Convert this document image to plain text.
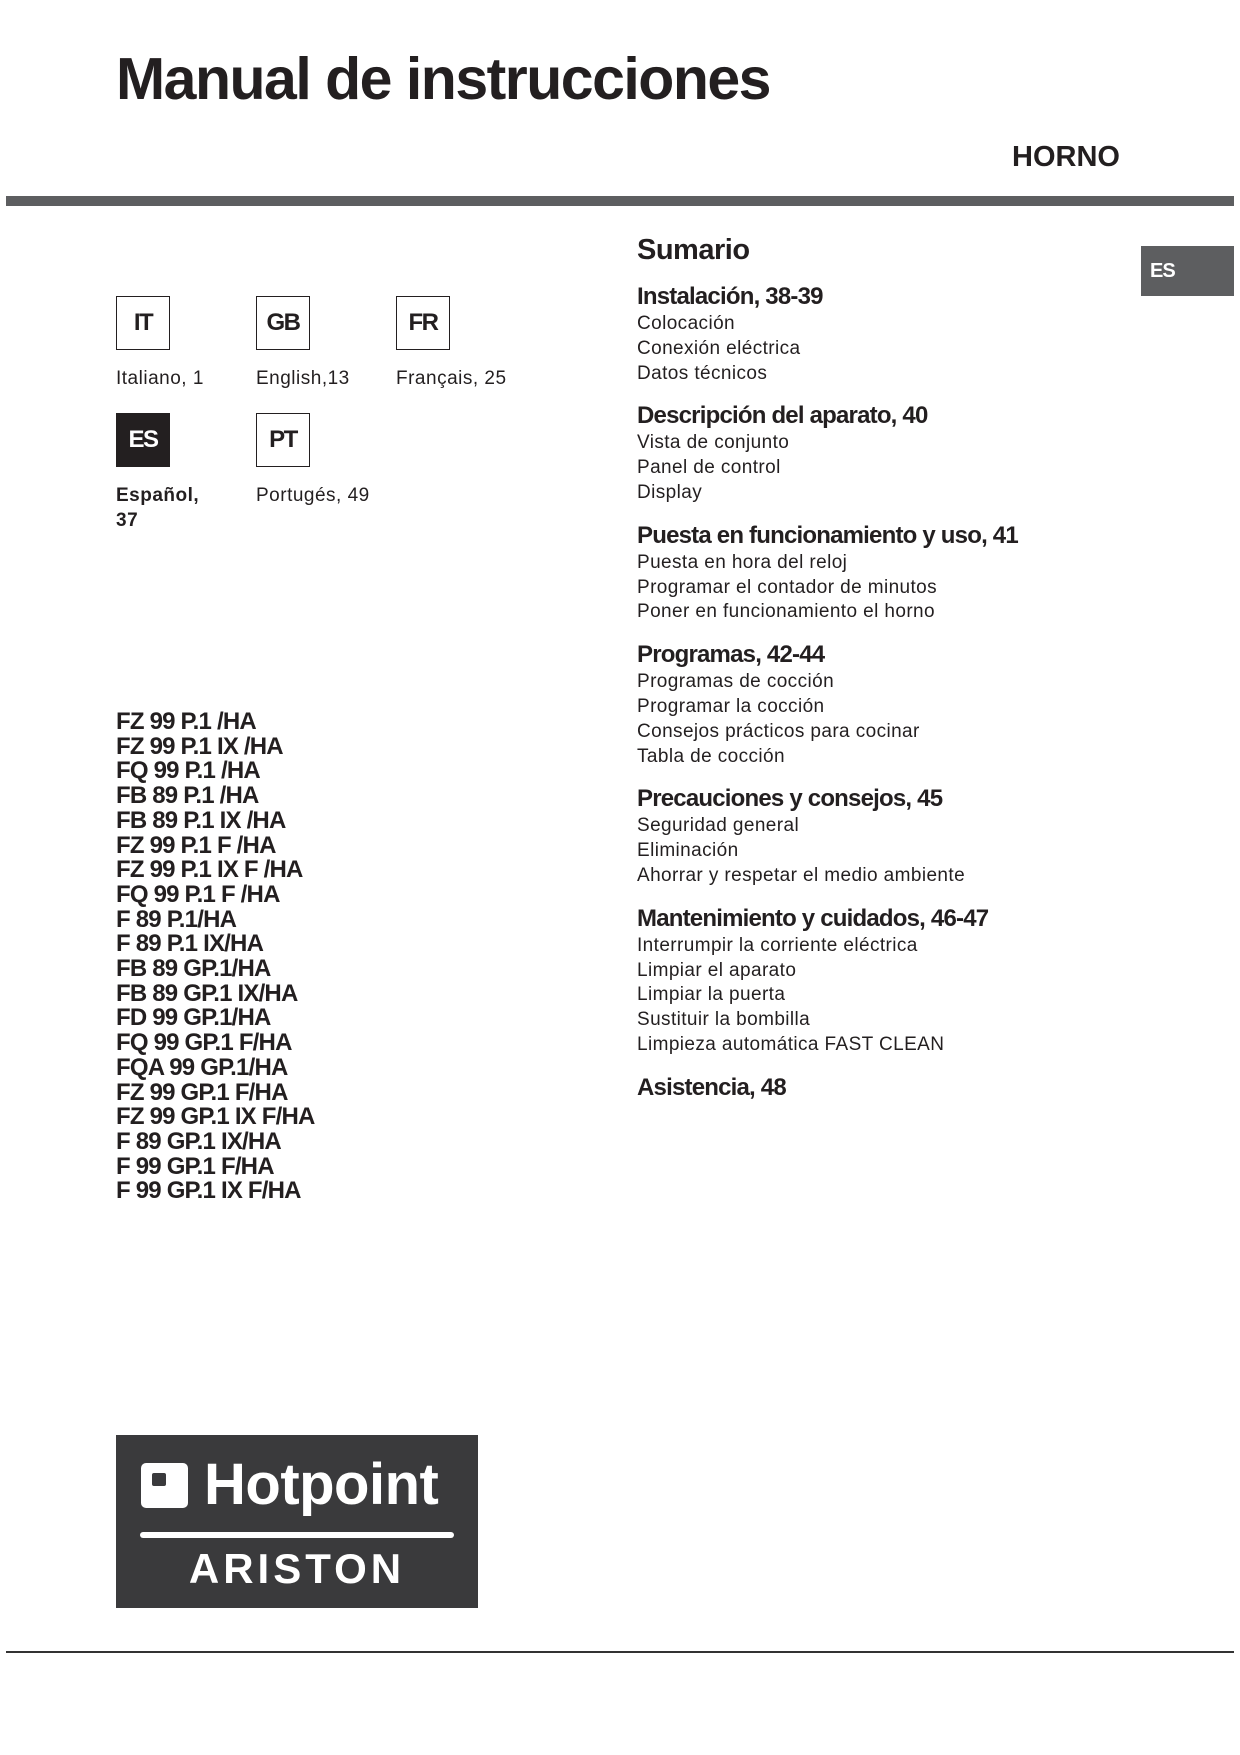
Manual de instrucciones
HORNO
ES
IT
Italiano, 1
GB
English,13
FR
Français, 25
ES
Español, 37
PT
Portugés, 49
FZ 99 P.1 /HA
FZ 99 P.1 IX /HA
FQ 99 P.1 /HA
FB 89 P.1 /HA
FB 89 P.1 IX /HA
FZ 99 P.1 F /HA
FZ 99 P.1 IX F /HA
FQ 99 P.1 F /HA
F 89 P.1/HA
F 89 P.1 IX/HA
FB 89 GP.1/HA
FB 89 GP.1 IX/HA
FD 99 GP.1/HA
FQ 99 GP.1 F/HA
FQA 99 GP.1/HA
FZ 99 GP.1 F/HA
FZ 99 GP.1 IX F/HA
F 89 GP.1 IX/HA
F 99 GP.1 F/HA
F 99 GP.1 IX F/HA
Sumario
Instalación, 38-39
Colocación
Conexión eléctrica
Datos técnicos
Descripción del aparato, 40
Vista de conjunto
Panel de control
Display
Puesta en funcionamiento y uso, 41
Puesta en hora del reloj
Programar el contador de minutos
Poner en funcionamiento el horno
Programas, 42-44
Programas de cocción
Programar la cocción
Consejos prácticos para cocinar
Tabla de cocción
Precauciones y consejos, 45
Seguridad general
Eliminación
Ahorrar y respetar el medio ambiente
Mantenimiento y cuidados, 46-47
Interrumpir la corriente eléctrica
Limpiar el aparato
Limpiar la puerta
Sustituir la bombilla
Limpieza automática FAST CLEAN
Asistencia, 48
Hotpoint
ARISTON
